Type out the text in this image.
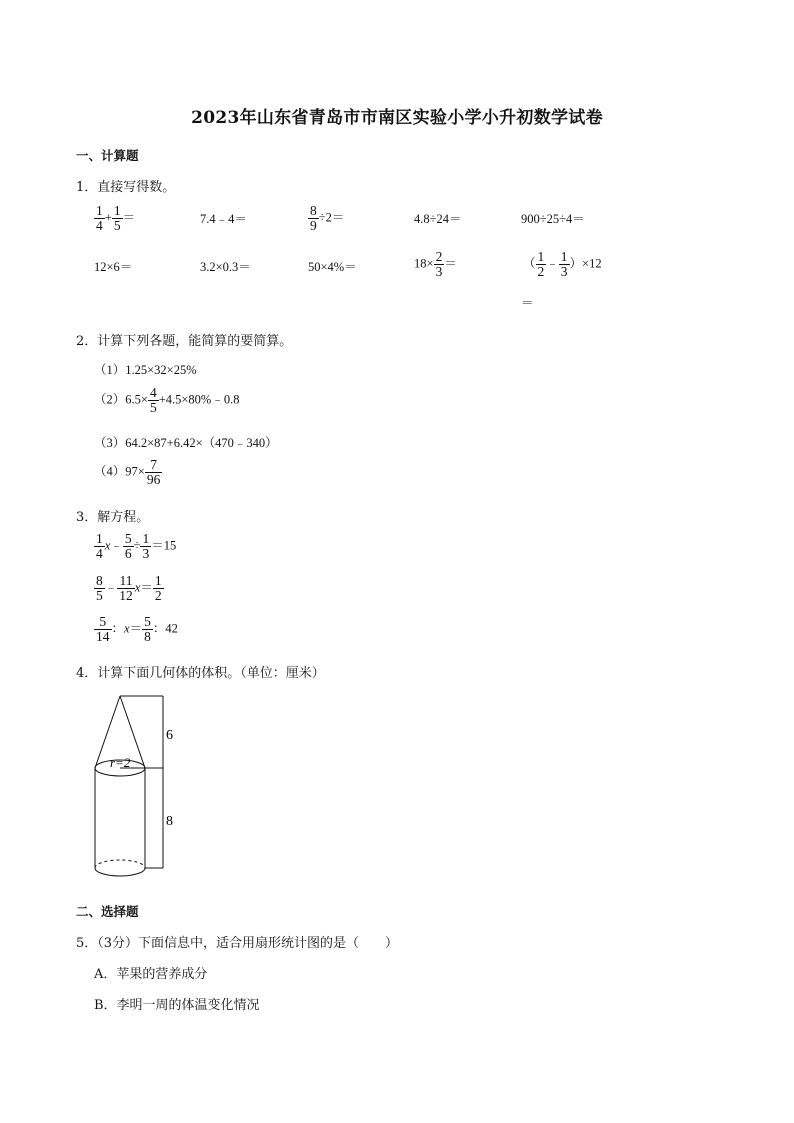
2023年山东省青岛市市南区实验小学小升初数学试卷
一、计算题
1．直接写得数。
$\frac{1}{4} + \frac{1}{5}$ ＝	7.4﹣4＝	$\frac{8}{9} \div 2=$	4.8÷24＝	900÷25÷4＝
12×6＝	3.2×0.3＝	50×4%＝	$18\times \frac{2}{3}$ ＝	（ $\frac{1}{2}$ ﹣ $\frac{1}{3} )\times 12$
＝
2．计算下列各题，能简算的要简算。
（1）1.25×32×25%
$(2)6.5\times \frac{4}{5}$ +4.5×80%﹣0.8
（3）64.2×87+6.42×（470﹣340）
$(4)97\times \frac{7}{96}$
3．解方程。
$\frac{1}{4}$ x﹣ $\frac{5}{6} \div \frac{1}{3} =15$
$\frac{8}{5}$ ﹣ $\frac{11}{12} x= \frac{1}{2}$
$\frac{5}{14}$ ：$x= \frac{5}{8}$ ：42
4．计算下面几何体的体积。（单位：厘米）
r=2
6
8
二、选择题
5．（3分）下面信息中，适合用扇形统计图的是（　　）
A．苹果的营养成分
B．李明一周的体温变化情况
